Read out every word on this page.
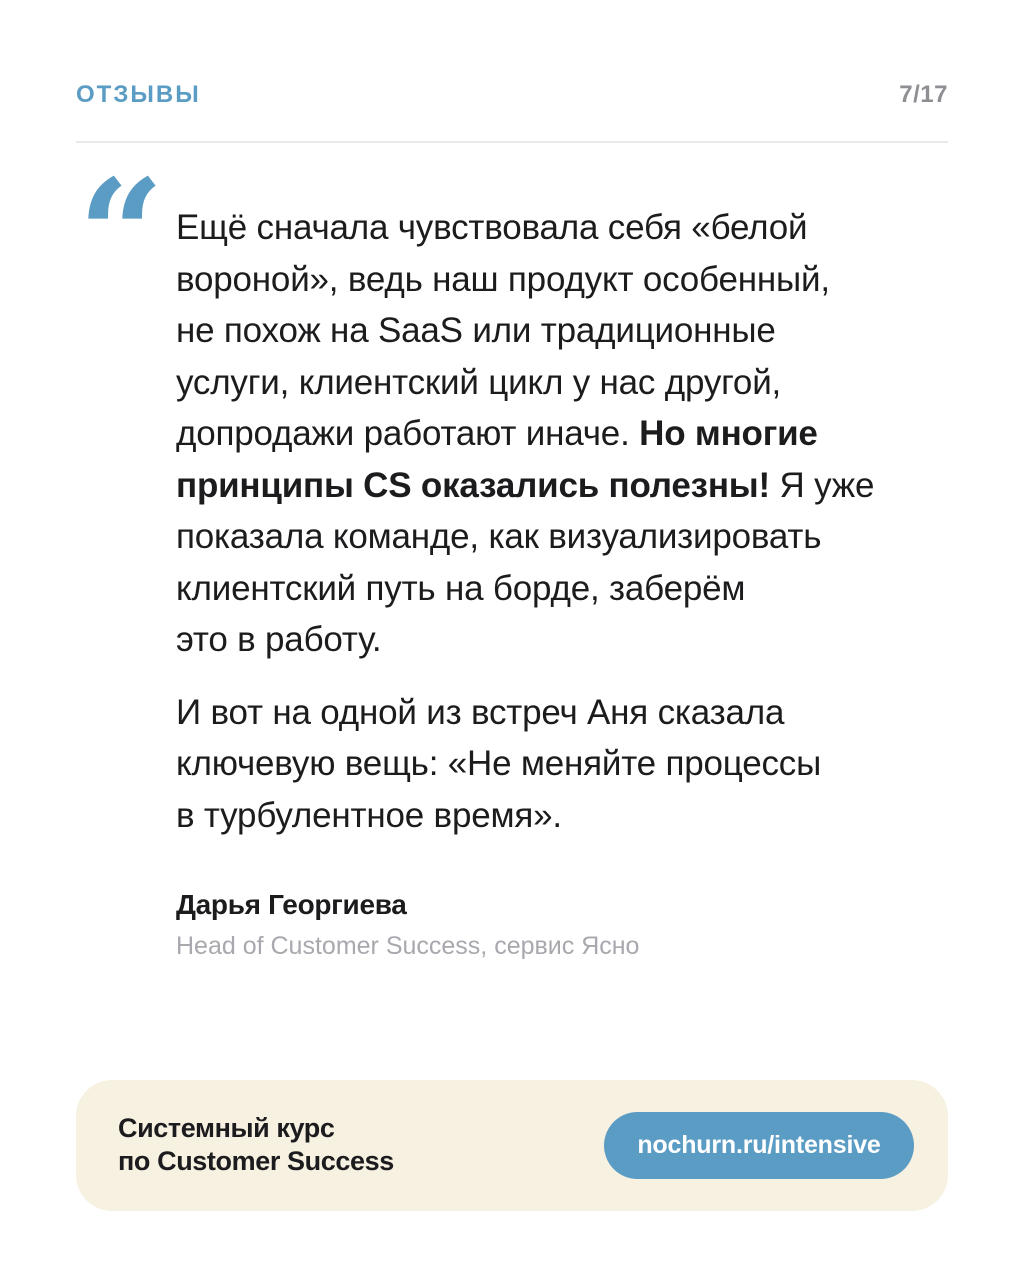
ОТЗЫВЫ	7/17
“ Ещё сначала чувствовала себя «белой
вороной», ведь наш продукт особенный,
не похож на SaaS или традиционные
услуги, клиентский цикл у нас другой,
допродажи работают иначе. Но многие
принципы CS оказались полезны! Я уже
показала команде, как визуализировать
клиентский путь на борде, заберём
это в работу.

И вот на одной из встреч Аня сказала
ключевую вещь: «Не меняйте процессы
в турбулентное время».

Дарья Георгиева
Head of Customer Success, сервис Ясно
Системный курс
по Customer Success
nochurn.ru/intensive
